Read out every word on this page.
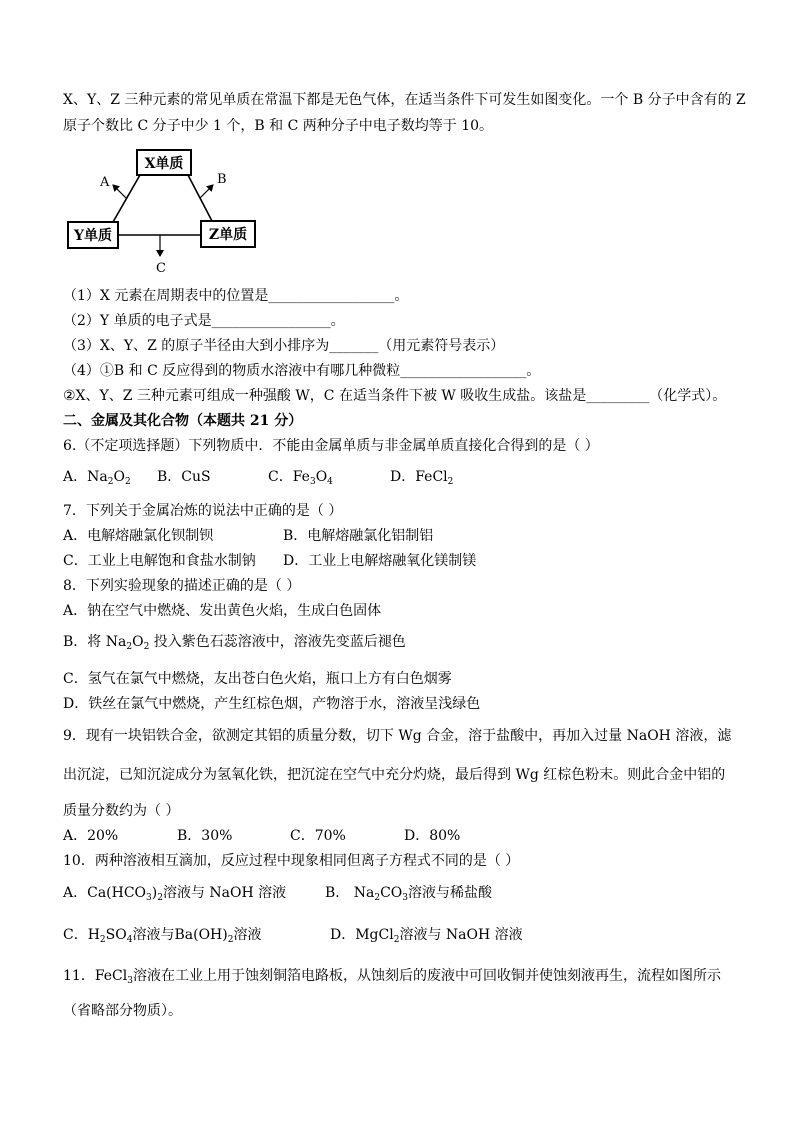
X、Y、Z 三种元素的常见单质在常温下都是无色气体，在适当条件下可发生如图变化。一个 B 分子中含有的 Z
原子个数比 C 分子中少 1 个，B 和 C 两种分子中电子数均等于 10。
A	B
C
X单质
Y单质	Z单质
（1）X 元素在周期表中的位置是__________________。
（2）Y 单质的电子式是_________________。
（3）X、Y、Z 的原子半径由大到小排序为_______（用元素符号表示）
（4）①B 和 C 反应得到的物质水溶液中有哪几种微粒__________________。
②X、Y、Z 三种元素可组成一种强酸 W，C 在适当条件下被 W 吸收生成盐。该盐是_________（化学式）。
二、金属及其化合物（本题共 21 分）
6.（不定项选择题）下列物质中．不能由金属单质与非金属单质直接化合得到的是（ ）
A．$Na_2O_2$ B．CuS	C．$Fe_3O_4$	D．FeCl$_2$
7．下列关于金属冶炼的说法中正确的是（ ）
A．电解熔融氯化钡制钡	B．电解熔融氯化铝制铝
C．工业上电解饱和食盐水制钠 D．工业上电解熔融氧化镁制镁
8．下列实验现象的描述正确的是（ ）
A．钠在空气中燃烧、发出黄色火焰，生成白色固体
B．将 $Na_2O_2$ 投入紫色石蕊溶液中，溶液先变蓝后褪色
C．氢气在氯气中燃烧，友出苍白色火焰，瓶口上方有白色烟雾
D．铁丝在氯气中燃烧，产生红棕色烟，产物溶于水，溶液呈浅绿色
9．现有一块铝铁合金，欲测定其铝的质量分数，切下 Wg 合金，溶于盐酸中，再加入过量 NaOH 溶液，滤
出沉淀，已知沉淀成分为氢氧化铁，把沉淀在空气中充分灼烧，最后得到 Wg 红棕色粉末。则此合金中铝的
质量分数约为（ ）
A．20%	B．30%	C．70%	D．80%
10．两种溶液相互滴加，反应过程中现象相同但离子方程式不同的是（ ）
A．$Ca(HCO_3)_2$溶液与 NaOH 溶液	B． $Na_2CO_3$溶液与稀盐酸
C．$H_2SO_4$溶液与$Ba(OH)_2$溶液	D．MgCl$_2$溶液与 NaOH 溶液
11．FeCl$_3$溶液在工业上用于蚀刻铜箔电路板，从蚀刻后的废液中可回收铜并使蚀刻液再生，流程如图所示
（省略部分物质）。
